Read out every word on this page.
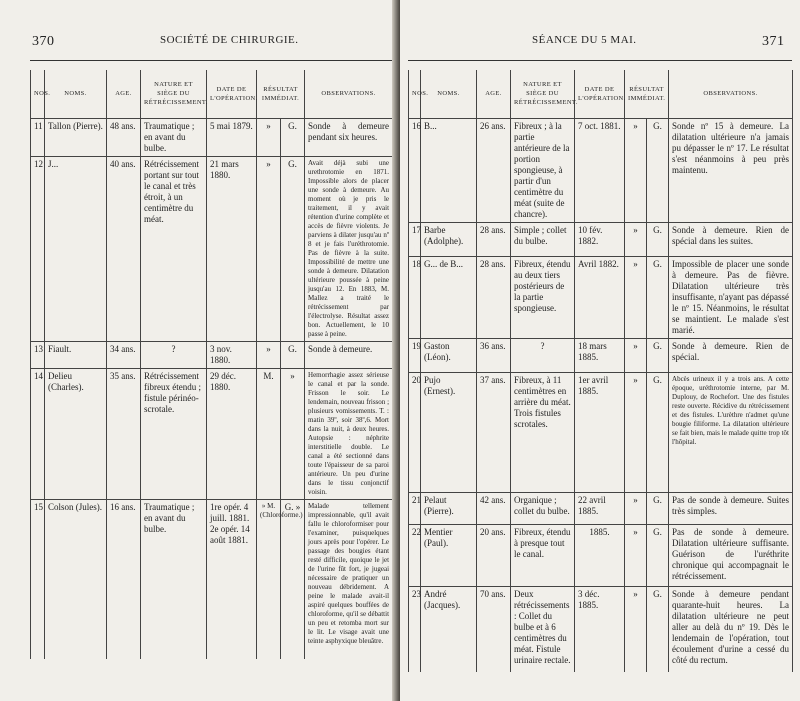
370	SOCIÉTÉ DE CHIRURGIE.
NOS.	NOMS.	AGE.	NATURE ET SIÈGE DU RÉTRÉCISSEMENT.	DATE DE L'OPÉRATION.	RÉSULTAT IMMÉDIAT.		OBSERVATIONS.
11	Tallon (Pierre).	48 ans.	Traumatique ; en avant du bulbe.	5 mai 1879.	»	G.	Sonde à demeure pendant six heures.
12	J...	40 ans.	Rétrécissement portant sur tout le canal et très étroit, à un centimètre du méat.	21 mars 1880.	»	G.	Avait déjà subi une urethrotomie en 1871. Impossible alors de placer une sonde à demeure. Au moment où je pris le traitement, il y avait rétention d'urine complète et accès de fièvre violents. Je parviens à dilater jusqu'au nº 8 et je fais l'uréthrotomie. Pas de fièvre à la suite. Impossibilité de mettre une sonde à demeure. Dilatation ultérieure poussée à peine jusqu'au 12. En 1883, M. Mallez a traité le rétrécissement par l'électrolyse. Résultat assez bon. Actuellement, le 10 passe à peine.
13	Fiault.	34 ans.	?	3 nov. 1880.	»	G.	Sonde à demeure.
14	Delieu (Charles).	35 ans.	Rétrécissement fibreux étendu ; fistule périnéo-scrotale.	29 déc. 1880.	M.	»	Hemorrhagie assez sérieuse le canal et par la sonde. Frisson le soir. Le lendemain, nouveau frisson ; plusieurs vomissements. T. : matin 39º, soir 38º,6. Mort dans la nuit, à deux heures. Autopsie : néphrite interstitielle double. Le canal a été sectionné dans toute l'épaisseur de sa paroi antérieure. Un peu d'urine dans le tissu conjonctif voisin.
15	Colson (Jules).	16 ans.	Traumatique ; en avant du bulbe.	1re opér. 4 juill. 1881. 2e opér. 14 août 1881.	» M. (Chloroforme.)	G. »	Malade tellement impressionnable, qu'il avait fallu le chloroformiser pour l'examiner, puisquelques jours après pour l'opérer. Le passage des bougies étant resté difficile, quoique le jet de l'urine fût fort, je jugeai nécessaire de pratiquer un nouveau débridement. A peine le malade avait-il aspiré quelques bouffées de chloroforme, qu'il se débattit un peu et retomba mort sur le lit. Le visage avait une teinte asphyxique bleuâtre.
SÉANCE DU 5 MAI.	371
NOS.	NOMS.	AGE.	NATURE ET SIÈGE DU RÉTRÉCISSEMENT.	DATE DE L'OPÉRATION.	RÉSULTAT IMMÉDIAT.		OBSERVATIONS.
16	B...	26 ans.	Fibreux ; à la partie antérieure de la portion spongieuse, à partir d'un centimètre du méat (suite de chancre).	7 oct. 1881.	»	G.	Sonde nº 15 à demeure. La dilatation ultérieure n'a jamais pu dépasser le nº 17. Le résultat s'est néanmoins à peu près maintenu.
17	Barbe (Adolphe).	28 ans.	Simple ; collet du bulbe.	10 fév. 1882.	»	G.	Sonde à demeure. Rien de spécial dans les suites.
18	G... de B...	28 ans.	Fibreux, étendu au deux tiers postérieurs de la partie spongieuse.	Avril 1882.	»	G.	Impossible de placer une sonde à demeure. Pas de fièvre. Dilatation ultérieure très insuffisante, n'ayant pas dépassé le nº 15. Néanmoins, le résultat se maintient. Le malade s'est marié.
19	Gaston (Léon).	36 ans.	?	18 mars 1885.	»	G.	Sonde à demeure. Rien de spécial.
20	Pujo (Ernest).	37 ans.	Fibreux, à 11 centimètres en arrière du méat. Trois fistules scrotales.	1er avril 1885.	»	G.	Abcès urineux il y a trois ans. A cette époque, uréthrotomie interne, par M. Duplouy, de Rochefort. Une des fistules reste ouverte. Récidive du rétrécissement et des fistules. L'urèthre n'admet qu'une bougie filiforme. La dilatation ultérieure se fait bien, mais le malade quitte trop tôt l'hôpital.
21	Pelaut (Pierre).	42 ans.	Organique ; collet du bulbe.	22 avril 1885.	»	G.	Pas de sonde à demeure. Suites très simples.
22	Mentier (Paul).	20 ans.	Fibreux, étendu à presque tout le canal.	1885.	»	G.	Pas de sonde à demeure. Dilatation ultérieure suffisante. Guérison de l'uréthrite chronique qui accompagnait le rétrécissement.
23	André (Jacques).	70 ans.	Deux rétrécissements : Collet du bulbe et à 6 centimètres du méat. Fistule urinaire rectale.	3 déc. 1885.	»	G.	Sonde à demeure pendant quarante-huit heures. La dilatation ultérieure ne peut aller au delà du nº 19. Dès le lendemain de l'opération, tout écoulement d'urine a cessé du côté du rectum.
